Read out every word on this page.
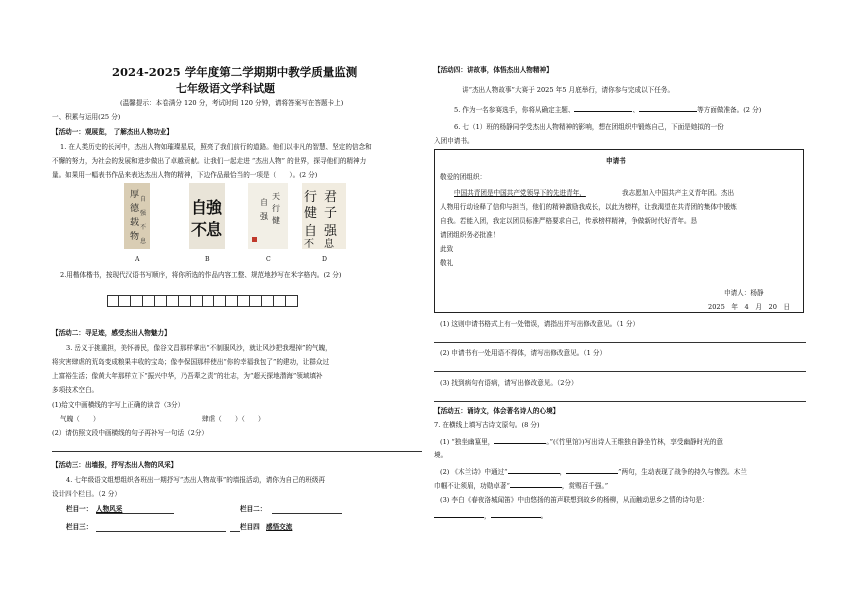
2024-2025 学年度第二学期期中教学质量监测
七年级语文学科试题
(温馨提示：本卷满分 120 分，考试时间 120 分钟，请将答案写在答题卡上)
一、积累与运用(25 分)
【活动一：观展览， 了解杰出人物功业】
1. 在人类历史的长河中，杰出人物如璀璨星辰，照亮了我们前行的道路。他们以非凡的智慧、坚定的信念和
不懈的努力，为社会的发展和进步做出了卓越贡献。让我们一起走进 “杰出人物” 的世界，探寻他们的精神力
量。如果用一幅表书作品来表达杰出人物的精神，下边作品最恰当的一项是（　　）。(2 分)
厚
德
载
物
自
强
不
息
自
強
不
息
天
行
健
自
强
行
健
君
子
自 强
不 息
A	B	C	D
2.用楷体楷书，按现代汉语书写顺序，将你所选的作品内容工整、规范地抄写在米字格内。(2 分)
【活动二：寻足迹，感受杰出人物魅力】
3. 岳义于挑重担，美怀善民，像谷文昌那样掌出“不制服风沙，就让风沙把我埋掉”的气魄，
将灾害肆虐的荒岛变成粮果丰收的宝岛；像李保国那样使出“你的幸福我包了”的建功，让群众过
上富裕生活；像黄大年那样立下“振兴中华，乃吾辈之责”的壮志，为“超天探地潜海”领域填补
多项技术空白。
(1)给文中画横线的字写上正确的读音（3分）
气魄（　　）	肆虐（　　）（　　）
(2）请仿照文段中画横线的句子再补写一句话（2分）
【活动三：出墙报，抒写杰出人物的风采】
4. 七年级语文组想组织各班出一期抒写“杰出人物故事”的墙报活动，请你为自己的班级再
设计四个栏目。（2 分）
栏目一： 人物风采	栏目二：
栏目三：	栏目四 感悟交流
【活动四：讲故事，体悟杰出人物精神】
讲“杰出人物故事”大赛于 2025 年5 月底举行，请你参与完成以下任务。
5. 作为一名参赛选手，你将从确定主题、	、	等方面做准备。(2 分)
6. 七（1）班的杨静同学受杰出人物精神的影响，想在团组织中锻炼自己，下面是她拟的一份
入团申请书。
申请书
敬爱的团组织：
中国共青团是中国共产党领导下的先进青年，	我志愿加入中国共产主义青年团。杰出
人物用行动诠释了信仰与担当，他们的精神激励我成长，以此为榜样，让我渴望在共青团的集体中锻炼
自我。若能入团，我定以团员标准严格要求自己，传承榜样精神，争做新时代好青年。恳
请团组织务必批准！
此致
敬礼
申请人：杨静
2025　年　4　月　20　日
(1) 这则申请书格式上有一处错误，请指出并写出修改意见。（1 分）
(2) 申请书有一处用语不得体，请写出修改意见。（1 分）
(3) 找到病句有语病，请写出修改意见。（2分）
【活动五：诵诗文，体会著名诗人的心境】
7. 在横线上填写古诗文原句。(8 分)
(1) “独坐幽篁里，	。”(《竹里馆》)写出诗人王维独自静坐竹林，享受幽静时光的意
境。
(2) 《木兰诗》中通过“	，	”两句，生动表现了战争的持久与惨烈。木兰
巾帼不让须眉，功勋卓著“	，赏赐百千强。”
(3) 李白《春夜洛城闻笛》中由悠扬的笛声联想到故乡的杨柳，从而触动思乡之情的诗句是：
，	。
